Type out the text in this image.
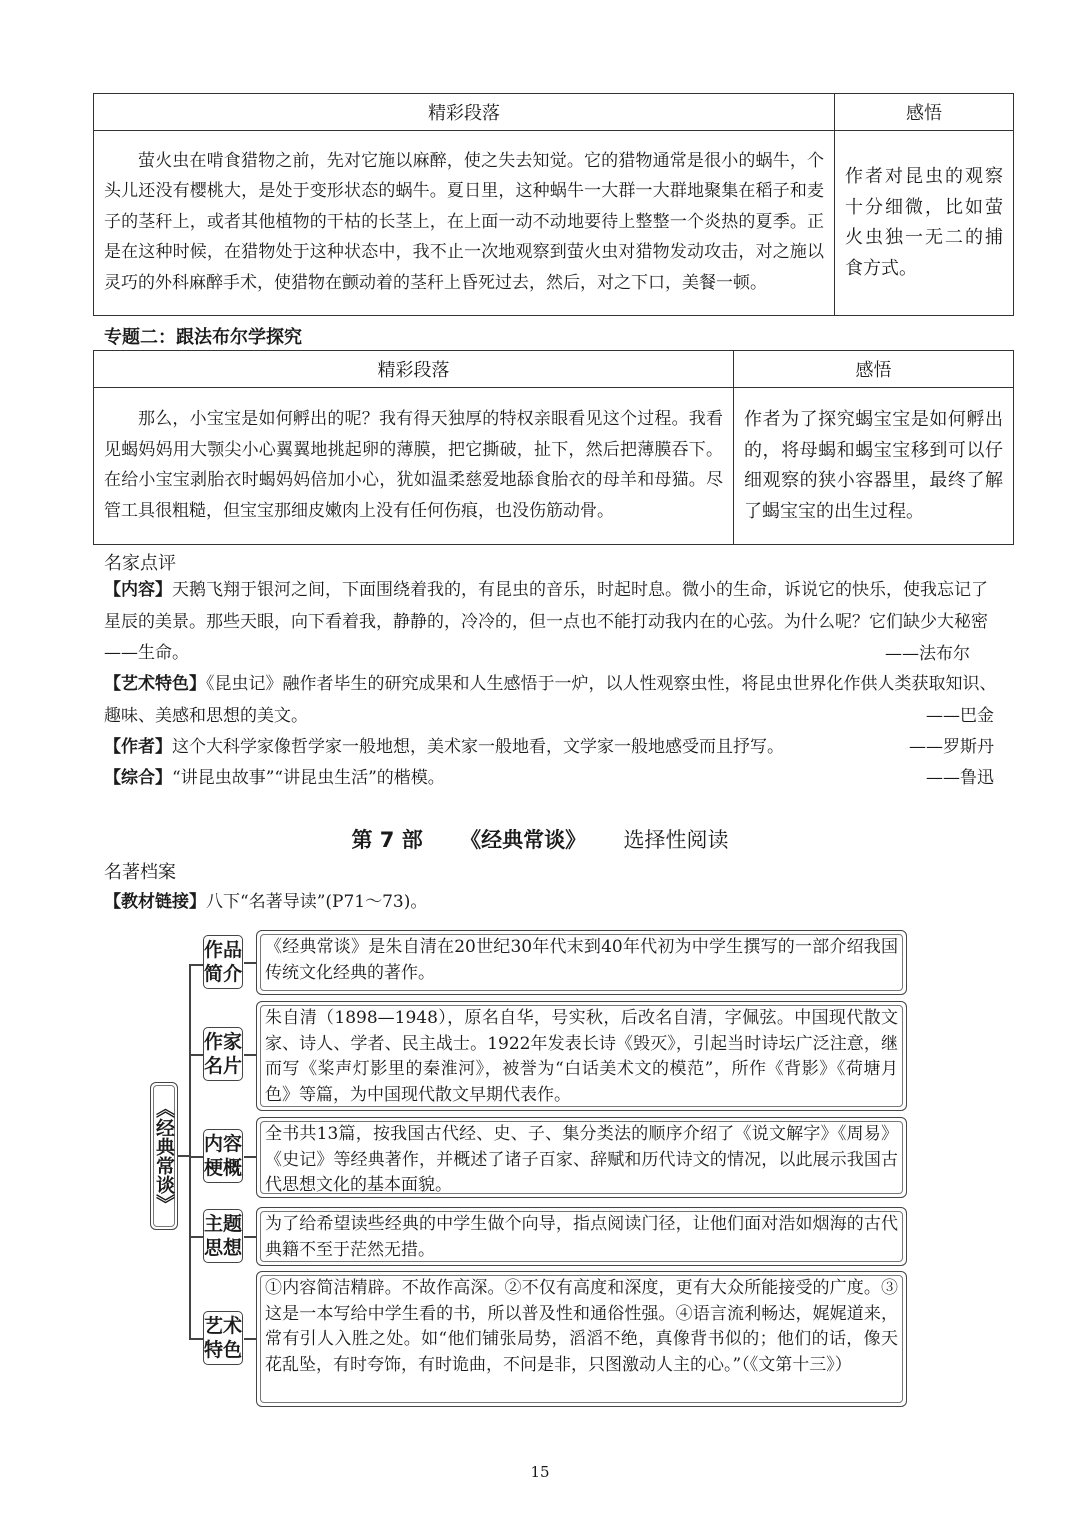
精彩段落	感悟

萤火虫在啃食猎物之前，先对它施以麻醉，使之失去知觉。它的猎物通常是很小的蜗牛，个头儿还没有樱桃大，是处于变形状态的蜗牛。夏日里，这种蜗牛一大群一大群地聚集在稻子和麦子的茎秆上，或者其他植物的干枯的长茎上，在上面一动不动地要待上整整一个炎热的夏季。正是在这种时候，在猎物处于这种状态中，我不止一次地观察到萤火虫对猎物发动攻击，对之施以灵巧的外科麻醉手术，使猎物在颤动着的茎秆上昏死过去，然后，对之下口，美餐一顿。	作者对昆虫的观察十分细微，比如萤火虫独一无二的捕食方式。
专题二：跟法布尔学探究
精彩段落	感悟

那么，小宝宝是如何孵出的呢？我有得天独厚的特权亲眼看见这个过程。我看见蝎妈妈用大颚尖小心翼翼地挑起卵的薄膜，把它撕破，扯下，然后把薄膜吞下。在给小宝宝剥胎衣时蝎妈妈倍加小心，犹如温柔慈爱地舔食胎衣的母羊和母猫。尽管工具很粗糙，但宝宝那细皮嫩肉上没有任何伤痕，也没伤筋动骨。	作者为了探究蝎宝宝是如何孵出的，将母蝎和蝎宝宝移到可以仔细观察的狭小容器里，最终了解了蝎宝宝的出生过程。
名家点评
【内容】天鹅飞翔于银河之间，下面围绕着我的，有昆虫的音乐，时起时息。微小的生命，诉说它的快乐，使我忘记了星辰的美景。那些天眼，向下看着我，静静的，冷冷的，但一点也不能打动我内在的心弦。为什么呢？它们缺少大秘密——生命。	——法布尔
【艺术特色】《昆虫记》融作者毕生的研究成果和人生感悟于一炉，以人性观察虫性，将昆虫世界化作供人类获取知识、趣味、美感和思想的美文。	——巴金
【作者】这个大科学家像哲学家一般地想，美术家一般地看，文学家一般地感受而且抒写。	——罗斯丹
【综合】“讲昆虫故事”“讲昆虫生活”的楷模。	——鲁迅
第 7 部 《经典常谈》 选择性阅读
名著档案
【教材链接】八下“名著导读”(P71～73)。
《经典常谈》
作品简介
作家名片
内容梗概
主题思想
艺术特色
《经典常谈》是朱自清在20世纪30年代末到40年代初为中学生撰写的一部介绍我国传统文化经典的著作。
朱自清（1898—1948），原名自华，号实秋，后改名自清，字佩弦。中国现代散文家、诗人、学者、民主战士。1922年发表长诗《毁灭》，引起当时诗坛广泛注意，继而写《桨声灯影里的秦淮河》，被誉为“白话美术文的模范”，所作《背影》《荷塘月色》等篇，为中国现代散文早期代表作。
全书共13篇，按我国古代经、史、子、集分类法的顺序介绍了《说文解字》《周易》《史记》等经典著作，并概述了诸子百家、辞赋和历代诗文的情况，以此展示我国古代思想文化的基本面貌。
为了给希望读些经典的中学生做个向导，指点阅读门径，让他们面对浩如烟海的古代典籍不至于茫然无措。
①内容简洁精辟。不故作高深。②不仅有高度和深度，更有大众所能接受的广度。③这是一本写给中学生看的书，所以普及性和通俗性强。④语言流利畅达，娓娓道来，常有引人入胜之处。如“他们铺张局势，滔滔不绝，真像背书似的；他们的话，像天花乱坠，有时夸饰，有时诡曲，不问是非，只图激动人主的心。”（《文第十三》）
15
